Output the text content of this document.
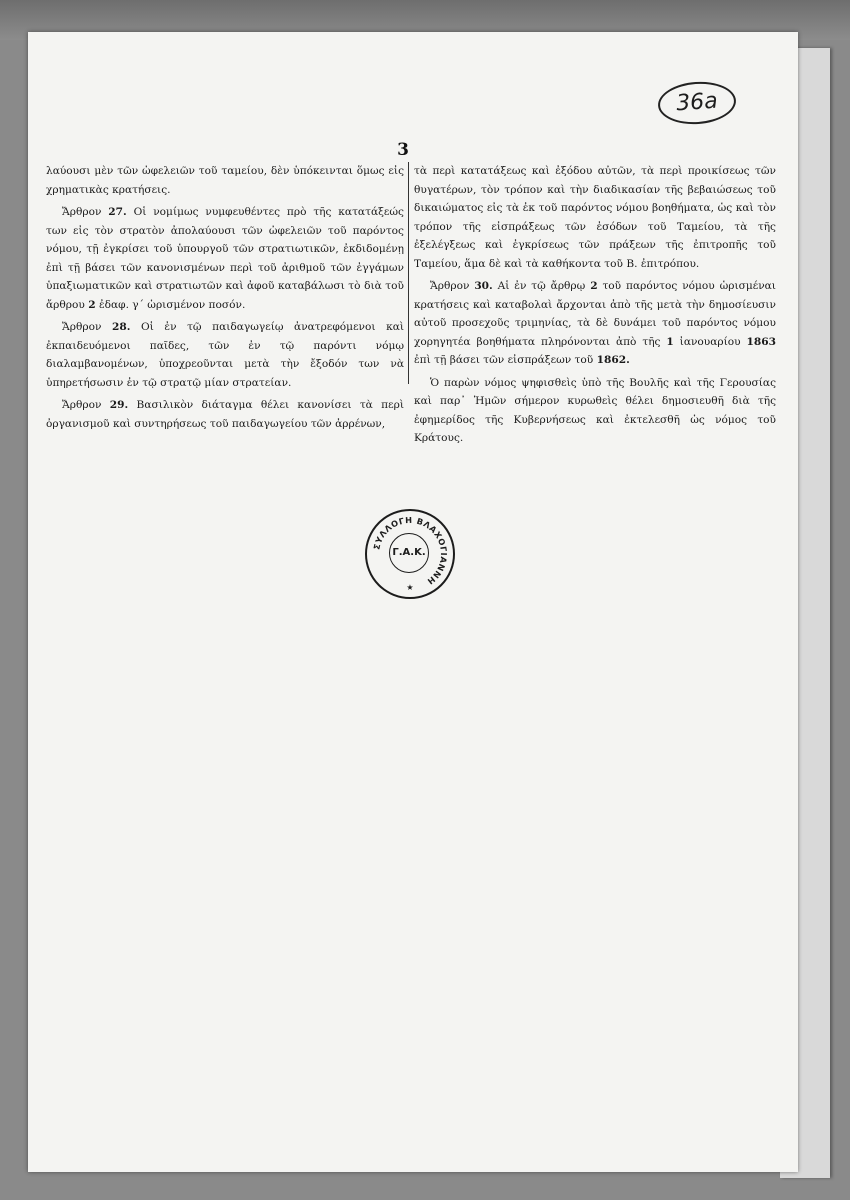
36a
3

λαύουσι μὲν τῶν ὠφελειῶν τοῦ ταμείου, δὲν ὑπόκεινται ὅμως εἰς χρηματικὰς κρατήσεις.

Ἄρθρον 27. Οἱ νομίμως νυμφευθέντες πρὸ τῆς κατατάξεώς των εἰς τὸν στρατὸν ἀπολαύουσι τῶν ὠφελειῶν τοῦ παρόντος νόμου, τῇ ἐγκρίσει τοῦ ὑπουργοῦ τῶν στρατιωτικῶν, ἐκδιδομένῃ ἐπὶ τῇ βάσει τῶν κανονισμένων περὶ τοῦ ἀριθμοῦ τῶν ἐγγάμων ὑπαξιωματικῶν καὶ στρατιωτῶν καὶ ἀφοῦ καταβάλωσι τὸ διὰ τοῦ ἄρθρου 2 ἐδαφ. γ´ ὡρισμένον ποσόν.

Ἄρθρον 28. Οἱ ἐν τῷ παιδαγωγείῳ ἀνατρεφόμενοι καὶ ἐκπαιδευόμενοι παῖδες, τῶν ἐν τῷ παρόντι νόμῳ διαλαμβανομένων, ὑποχρεοῦνται μετὰ τὴν ἔξοδόν των νὰ ὑπηρετήσωσιν ἐν τῷ στρατῷ μίαν στρατείαν.

Ἄρθρον 29. Βασιλικὸν διάταγμα θέλει κανονίσει τὰ περὶ ὀργανισμοῦ καὶ συντηρήσεως τοῦ παιδαγωγείου τῶν ἀρρένων,

τὰ περὶ κατατάξεως καὶ ἐξόδου αὐτῶν, τὰ περὶ προικίσεως τῶν θυγατέρων, τὸν τρόπον καὶ τὴν διαδικασίαν τῆς βεβαιώσεως τοῦ δικαιώματος εἰς τὰ ἐκ τοῦ παρόντος νόμου βοηθήματα, ὡς καὶ τὸν τρόπον τῆς εἰσπράξεως τῶν ἐσόδων τοῦ Ταμείου, τὰ τῆς ἐξελέγξεως καὶ ἐγκρίσεως τῶν πράξεων τῆς ἐπιτροπῆς τοῦ Ταμείου, ἅμα δὲ καὶ τὰ καθήκοντα τοῦ Β. ἐπιτρόπου.

Ἄρθρον 30. Αἱ ἐν τῷ ἄρθρῳ 2 τοῦ παρόντος νόμου ὡρισμέναι κρατήσεις καὶ καταβολαὶ ἄρχονται ἀπὸ τῆς μετὰ τὴν δημοσίευσιν αὐτοῦ προσεχοῦς τριμηνίας, τὰ δὲ δυνάμει τοῦ παρόντος νόμου χορηγητέα βοηθήματα πληρόνονται ἀπὸ τῆς 1 ἰανουαρίου 1863 ἐπὶ τῇ βάσει τῶν εἰσπράξεων τοῦ 1862.

Ὁ παρὼν νόμος ψηφισθεὶς ὑπὸ τῆς Βουλῆς καὶ τῆς Γερουσίας καὶ παρ᾽ Ἡμῶν σήμερον κυρωθεὶς θέλει δημοσιευθῆ διὰ τῆς ἐφημερίδος τῆς Κυβερνήσεως καὶ ἐκτελεσθῆ ὡς νόμος τοῦ Κράτους.

ΣΥΛΛΟΓΗ ΒΛΑΧΟΓΙΑΝΝΗ
★
Γ.Α.Κ.
